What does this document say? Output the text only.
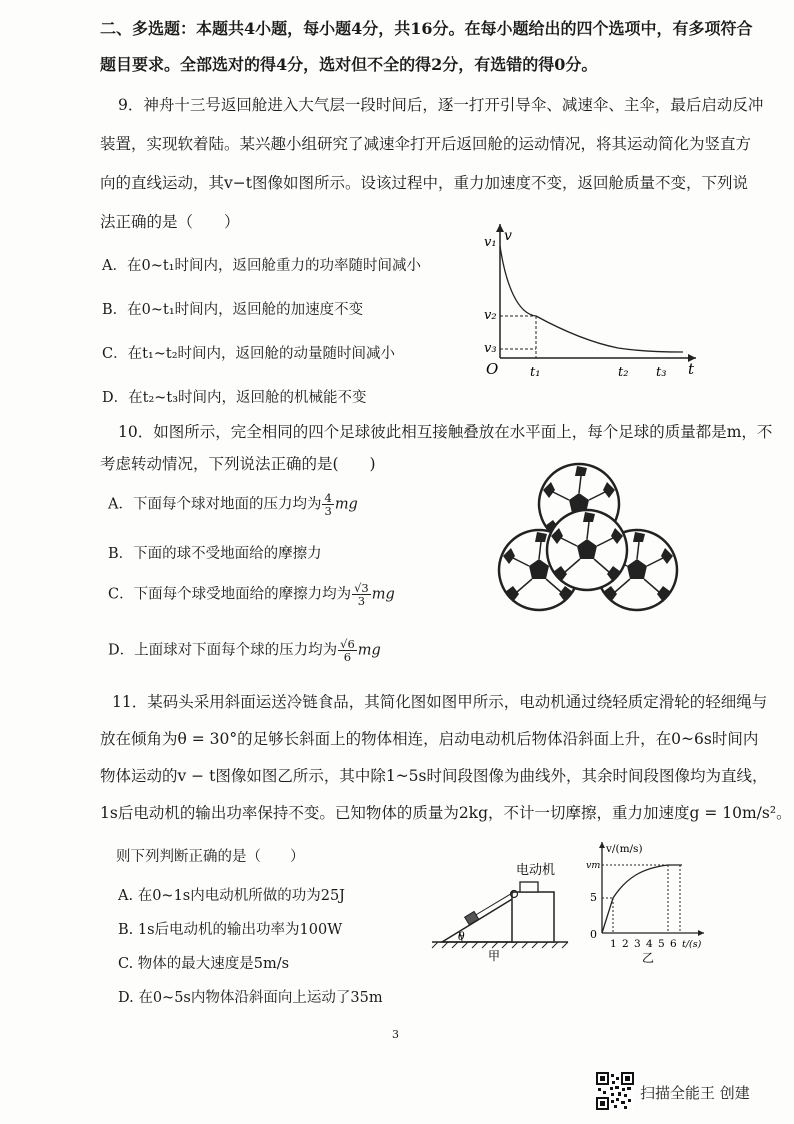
二、多选题：本题共4小题，每小题4分，共16分。在每小题给出的四个选项中，有多项符合
题目要求。全部选对的得4分，选对但不全的得2分，有选错的得0分。
9．神舟十三号返回舱进入大气层一段时间后，逐一打开引导伞、减速伞、主伞，最后启动反冲
装置，实现软着陆。某兴趣小组研究了减速伞打开后返回舱的运动情况，将其运动简化为竖直方
向的直线运动，其v−t图像如图所示。设该过程中，重力加速度不变，返回舱质量不变，下列说
法正确的是（　　）
A．在0~t₁时间内，返回舱重力的功率随时间减小
B．在0~t₁时间内，返回舱的加速度不变
C．在t₁~t₂时间内，返回舱的动量随时间减小
D．在t₂~t₃时间内，返回舱的机械能不变
v₁ v
v₂
v₃
O t₁	t₂ t₃ t
10．如图所示，完全相同的四个足球彼此相互接触叠放在水平面上，每个足球的质量都是m，不
考虑转动情况，下列说法正确的是(　　)
A．下面每个球对地面的压力均为 $\frac{4}{3}$ mg
B．下面的球不受地面给的摩擦力
C．下面每个球受地面给的摩擦力均为 $\frac{√3}{3}$ mg
D．上面球对下面每个球的压力均为 $\frac{√6}{6}$ mg
11．某码头采用斜面运送冷链食品，其简化图如图甲所示，电动机通过绕轻质定滑轮的轻细绳与
放在倾角为θ = 30°的足够长斜面上的物体相连，启动电动机后物体沿斜面上升，在0~6s时间内
物体运动的v − t图像如图乙所示，其中除1~5s时间段图像为曲线外，其余时间段图像均为直线，
1s后电动机的输出功率保持不变。已知物体的质量为2kg，不计一切摩擦，重力加速度g = 10m/s²。
则下列判断正确的是（　　）
A. 在0~1s内电动机所做的功为25J
B. 1s后电动机的输出功率为100W
C. 物体的最大速度是5m/s
D. 在0~5s内物体沿斜面向上运动了35m
θ
电动机
甲
v/(m/s)
vm
5
0
1 2 3 4 5 6 t/(s)
乙
3
扫描全能王 创建
